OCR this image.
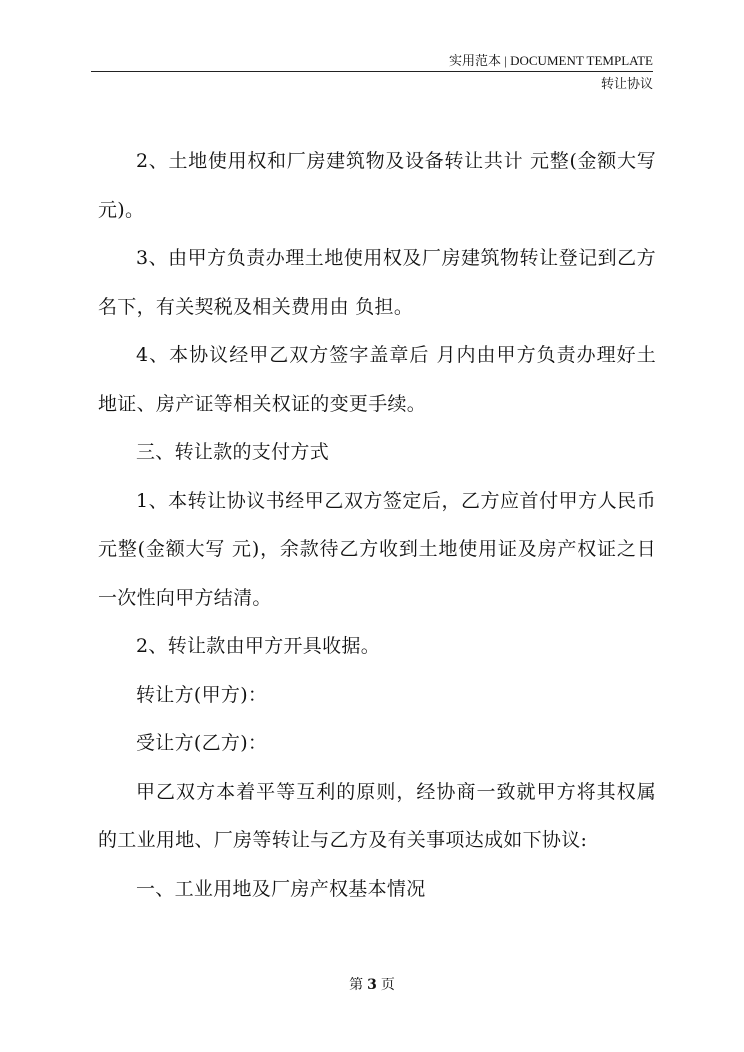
实用范本 | DOCUMENT TEMPLATE
转让协议

2、土地使用权和厂房建筑物及设备转让共计 元整(金额大写 元)。

3、由甲方负责办理土地使用权及厂房建筑物转让登记到乙方名下，有关契税及相关费用由 负担。

4、本协议经甲乙双方签字盖章后 月内由甲方负责办理好土地证、房产证等相关权证的变更手续。

三、转让款的支付方式

1、本转让协议书经甲乙双方签定后，乙方应首付甲方人民币 元整(金额大写 元)，余款待乙方收到土地使用证及房产权证之日一次性向甲方结清。

2、转让款由甲方开具收据。

转让方(甲方)：

受让方(乙方)：

甲乙双方本着平等互利的原则，经协商一致就甲方将其权属的工业用地、厂房等转让与乙方及有关事项达成如下协议:

一、工业用地及厂房产权基本情况

第 3 页
